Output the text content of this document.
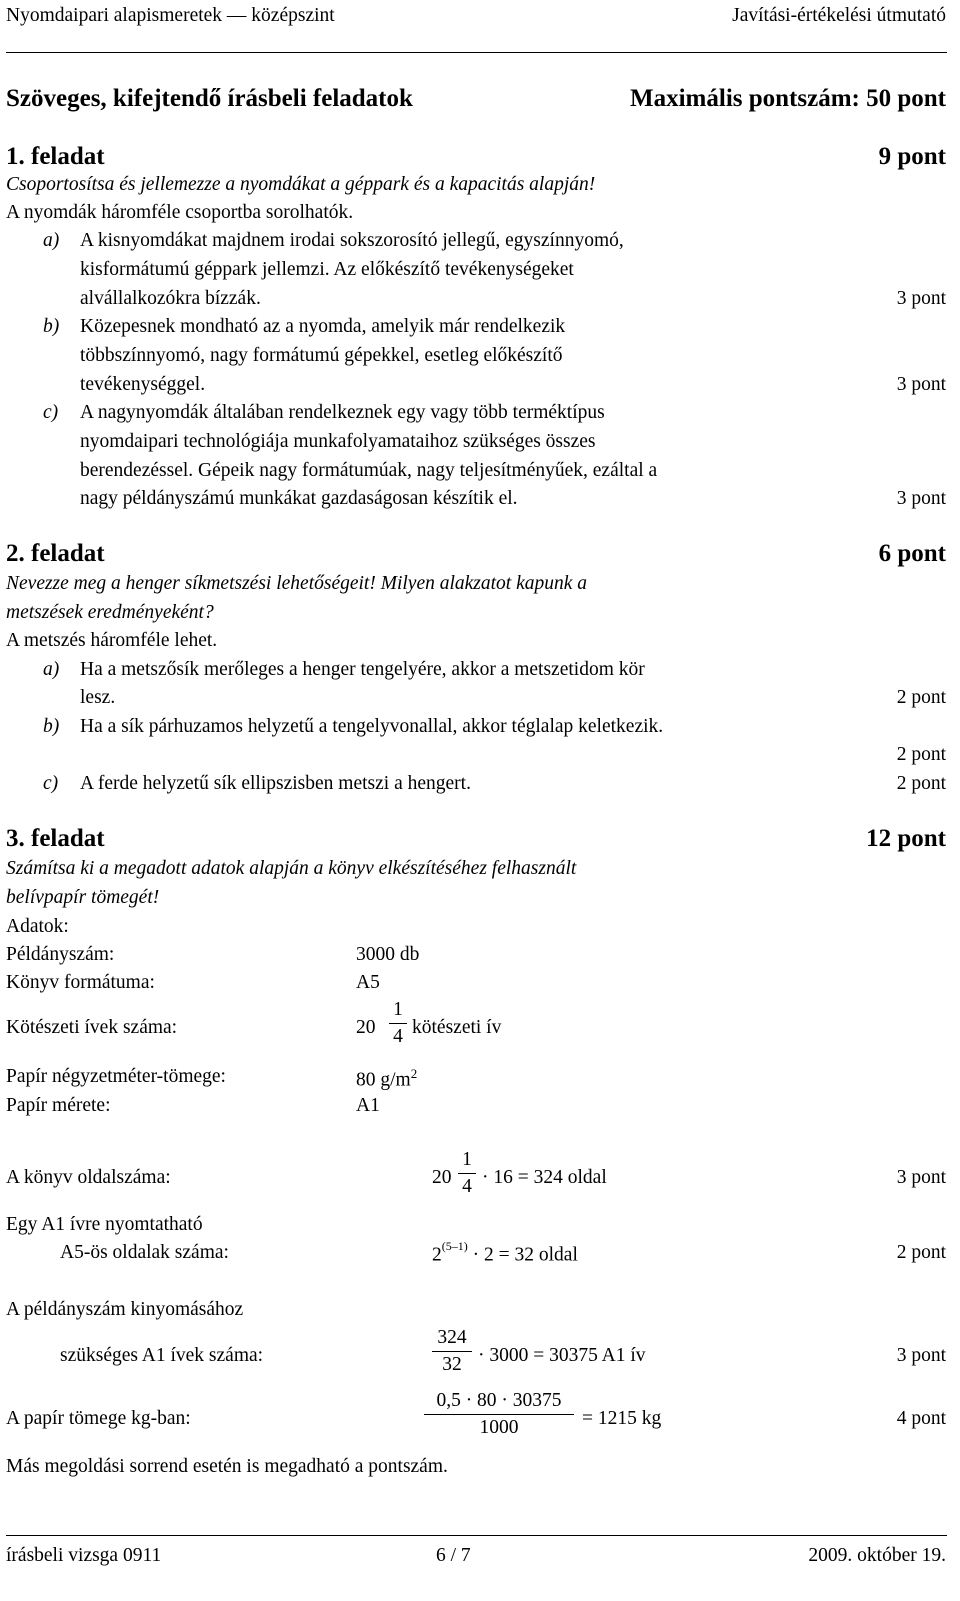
Nyomdaipari alapismeretek — középszint	Javítási-értékelési útmutató
Szöveges, kifejtendő írásbeli feladatok	Maximális pontszám: 50 pont
1. feladat	9 pont
Csoportosítsa és jellemezze a nyomdákat a géppark és a kapacitás alapján!
A nyomdák háromféle csoportba sorolhatók.
a) A kisnyomdákat majdnem irodai sokszorosító jellegű, egyszínnyomó,
kisformátumú géppark jellemzi. Az előkészítő tevékenységeket
alvállalkozókra bízzák.	3 pont
b) Közepesnek mondható az a nyomda, amelyik már rendelkezik
többszínnyomó, nagy formátumú gépekkel, esetleg előkészítő
tevékenységgel.	3 pont
c) A nagynyomdák általában rendelkeznek egy vagy több terméktípus
nyomdaipari technológiája munkafolyamataihoz szükséges összes
berendezéssel. Gépeik nagy formátumúak, nagy teljesítményűek, ezáltal a
nagy példányszámú munkákat gazdaságosan készítik el.	3 pont
2. feladat	6 pont
Nevezze meg a henger síkmetszési lehetőségeit! Milyen alakzatot kapunk a
metszések eredményeként?
A metszés háromféle lehet.
a) Ha a metszősík merőleges a henger tengelyére, akkor a metszetidom kör
lesz.	2 pont
b) Ha a sík párhuzamos helyzetű a tengelyvonallal, akkor téglalap keletkezik.
2 pont
c) A ferde helyzetű sík ellipszisben metszi a hengert.	2 pont
3. feladat	12 pont
Számítsa ki a megadott adatok alapján a könyv elkészítéséhez felhasznált
belívpapír tömegét!
Adatok:
Példányszám:	3000 db
Könyv formátuma:	A5
Kötészeti ívek száma:	20
1
4 kötészeti ív
Papír négyzetméter-tömege:	80 $g/m^2$
Papír mérete:	A1
A könyv oldalszáma:	20
1
4 · 16 = 324 oldal	3 pont
Egy A1 ívre nyomtatható
A5-ös oldalak száma:	$2^{(5-1)} \cdot 2 = 32$ oldal	2 pont
A példányszám kinyomásához
szükséges A1 ívek száma:
324
32 · 3000 = 30375 A1 ív	3 pont
A papír tömege kg-ban:
0,5 · 80 · 30375
1000	= 1215 kg	4 pont
Más megoldási sorrend esetén is megadható a pontszám.
írásbeli vizsga 0911	6 / 7	2009. október 19.
